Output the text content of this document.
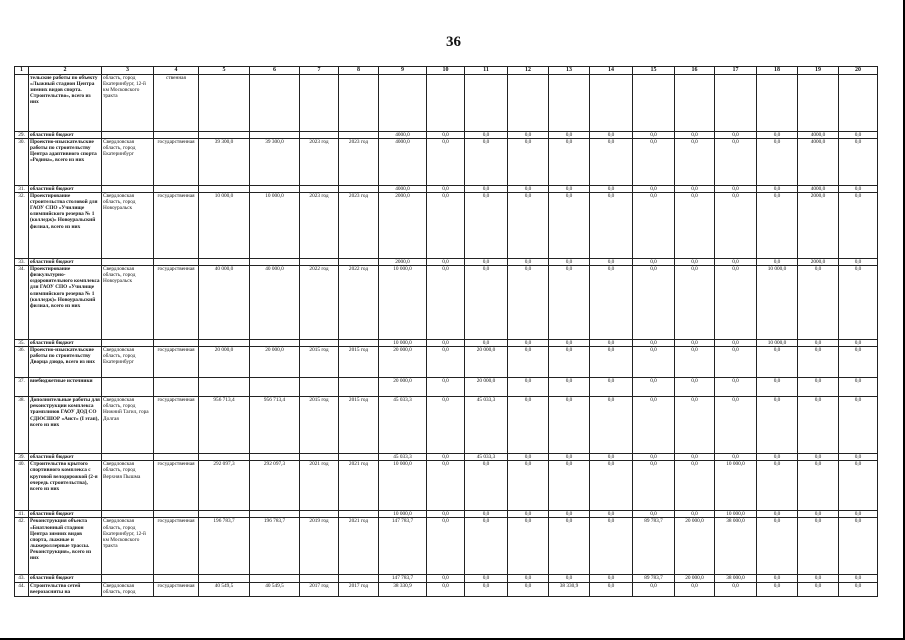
36
1	2	3	4	5	6	7	8	9	10	11	12	13	14	15	16	17	18	19	20
	тельские работы по объекту «Лыжный стадион Центра зимних видов спорта. Строительство», всего из них	область, город Екатеринбург, 12-й км Московского тракта	ственная																
29.	областной бюджет							4000,0	0,0	0,0	0,0	0,0	0,0	0,0	0,0	0,0	0,0	4000,0	0,0
30.	Проектно-изыскательские работы по строительству Центра адаптивного спорта «Родина», всего из них	Свердловская область, город Екатеринбург	государственная	39 300,0	39 300,0	2023 год	2023 год	4000,0	0,0	0,0	0,0	0,0	0,0	0,0	0,0	0,0	0,0	4000,0	0,0
31.	областной бюджет							4000,0	0,0	0,0	0,0	0,0	0,0	0,0	0,0	0,0	0,0	4000,0	0,0
32.	Проектирование строительства столовой для ГАОУ СПО «Училище олимпийского резерва № 1 (колледж)» Новоуральский филиал, всего из них	Свердловская область, город Новоуральск	государственная	10 000,0	10 000,0	2023 год	2023 год	2000,0	0,0	0,0	0,0	0,0	0,0	0,0	0,0	0,0	0,0	2000,0	0,0
33.	областной бюджет							2000,0	0,0	0,0	0,0	0,0	0,0	0,0	0,0	0,0	0,0	2000,0	0,0
34.	Проектирование физкультурно-оздоровительного комплекса для ГАОУ СПО «Училище олимпийского резерва № 1 (колледж)» Новоуральский филиал, всего из них	Свердловская область, город Новоуральск	государственная	40 000,0	40 000,0	2022 год	2022 год	10 000,0	0,0	0,0	0,0	0,0	0,0	0,0	0,0	0,0	10 000,0	0,0	0,0
35.	областной бюджет							10 000,0	0,0	0,0	0,0	0,0	0,0	0,0	0,0	0,0	10 000,0	0,0	0,0
36.	Проектно-изыскательские работы по строительству Дворца дзюдо, всего из них	Свердловская область, город Екатеринбург	государственная	20 000,0	20 000,0	2015 год	2015 год	20 000,0	0,0	20 000,0	0,0	0,0	0,0	0,0	0,0	0,0	0,0	0,0	0,0
37.	внебюджетные источники							20 000,0	0,0	20 000,0	0,0	0,0	0,0	0,0	0,0	0,0	0,0	0,0	0,0
38.	Дополнительные работы для реконструкции комплекса трамплинов ГАОУ ДОД СО СДЮСШОР «Аист» (I этап), всего из них	Свердловская область, город Нижний Тагил, гора Долгая	государственная	956 713,4	956 713,4	2015 год	2015 год	45 033,3	0,0	45 033,3	0,0	0,0	0,0	0,0	0,0	0,0	0,0	0,0	0,0
39.	областной бюджет							45 033,3	0,0	45 033,3	0,0	0,0	0,0	0,0	0,0	0,0	0,0	0,0	0,0
40.	Строительство крытого спортивного комплекса с круговой велодорожкой (2-я очередь строительства), всего из них	Свердловская область, город Верхняя Пышма	государственная	292 097,3	292 097,3	2021 год	2021 год	10 000,0	0,0	0,0	0,0	0,0	0,0	0,0	0,0	10 000,0	0,0	0,0	0,0
41.	областной бюджет							10 000,0	0,0	0,0	0,0	0,0	0,0	0,0	0,0	10 000,0	0,0	0,0	0,0
42.	Реконструкция объекта «Биатлонный стадион Центра зимних видов спорта, лыжные и лыжероллерные трассы. Реконструкция», всего из них	Свердловская область, город Екатеринбург, 12-й км Московского тракта	государственная	196 783,7	196 783,7	2019 год	2021 год	147 783,7	0,0	0,0	0,0	0,0	0,0	89 783,7	20 000,0	38 000,0	0,0	0,0	0,0
43.	областной бюджет							147 783,7	0,0	0,0	0,0	0,0	0,0	89 783,7	20 000,0	38 000,0	0,0	0,0	0,0
44.	Строительство сетей веерозасниты на	Свердловская область, город	государственная	40 549,5	40 549,5	2017 год	2017 год	38 330,9	0,0	0,0	0,0	38 330,9	0,0	0,0	0,0	0,0	0,0	0,0	0,0
